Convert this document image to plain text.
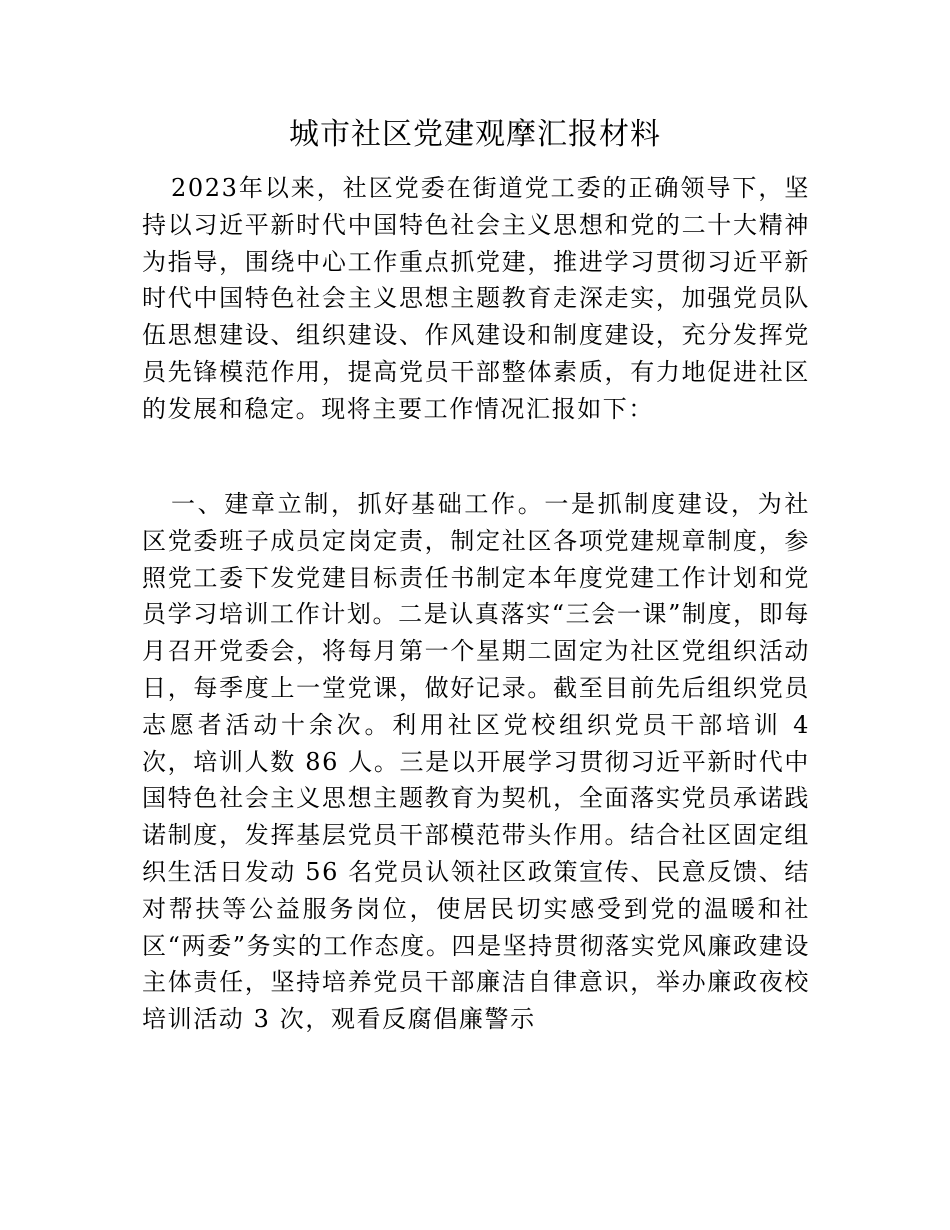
城市社区党建观摩汇报材料

2023年以来，社区党委在街道党工委的正确领导下，坚持以习近平新时代中国特色社会主义思想和党的二十大精神为指导，围绕中心工作重点抓党建，推进学习贯彻习近平新时代中国特色社会主义思想主题教育走深走实，加强党员队伍思想建设、组织建设、作风建设和制度建设，充分发挥党员先锋模范作用，提高党员干部整体素质，有力地促进社区的发展和稳定。现将主要工作情况汇报如下：

一、建章立制，抓好基础工作。一是抓制度建设，为社区党委班子成员定岗定责，制定社区各项党建规章制度，参照党工委下发党建目标责任书制定本年度党建工作计划和党员学习培训工作计划。二是认真落实“三会一课”制度，即每月召开党委会，将每月第一个星期二固定为社区党组织活动日，每季度上一堂党课，做好记录。截至目前先后组织党员志愿者活动十余次。利用社区党校组织党员干部培训 4 次，培训人数 86 人。三是以开展学习贯彻习近平新时代中国特色社会主义思想主题教育为契机，全面落实党员承诺践诺制度，发挥基层党员干部模范带头作用。结合社区固定组织生活日发动 56 名党员认领社区政策宣传、民意反馈、结对帮扶等公益服务岗位，使居民切实感受到党的温暖和社区“两委”务实的工作态度。四是坚持贯彻落实党风廉政建设主体责任，坚持培养党员干部廉洁自律意识，举办廉政夜校培训活动 3 次，观看反腐倡廉警示
